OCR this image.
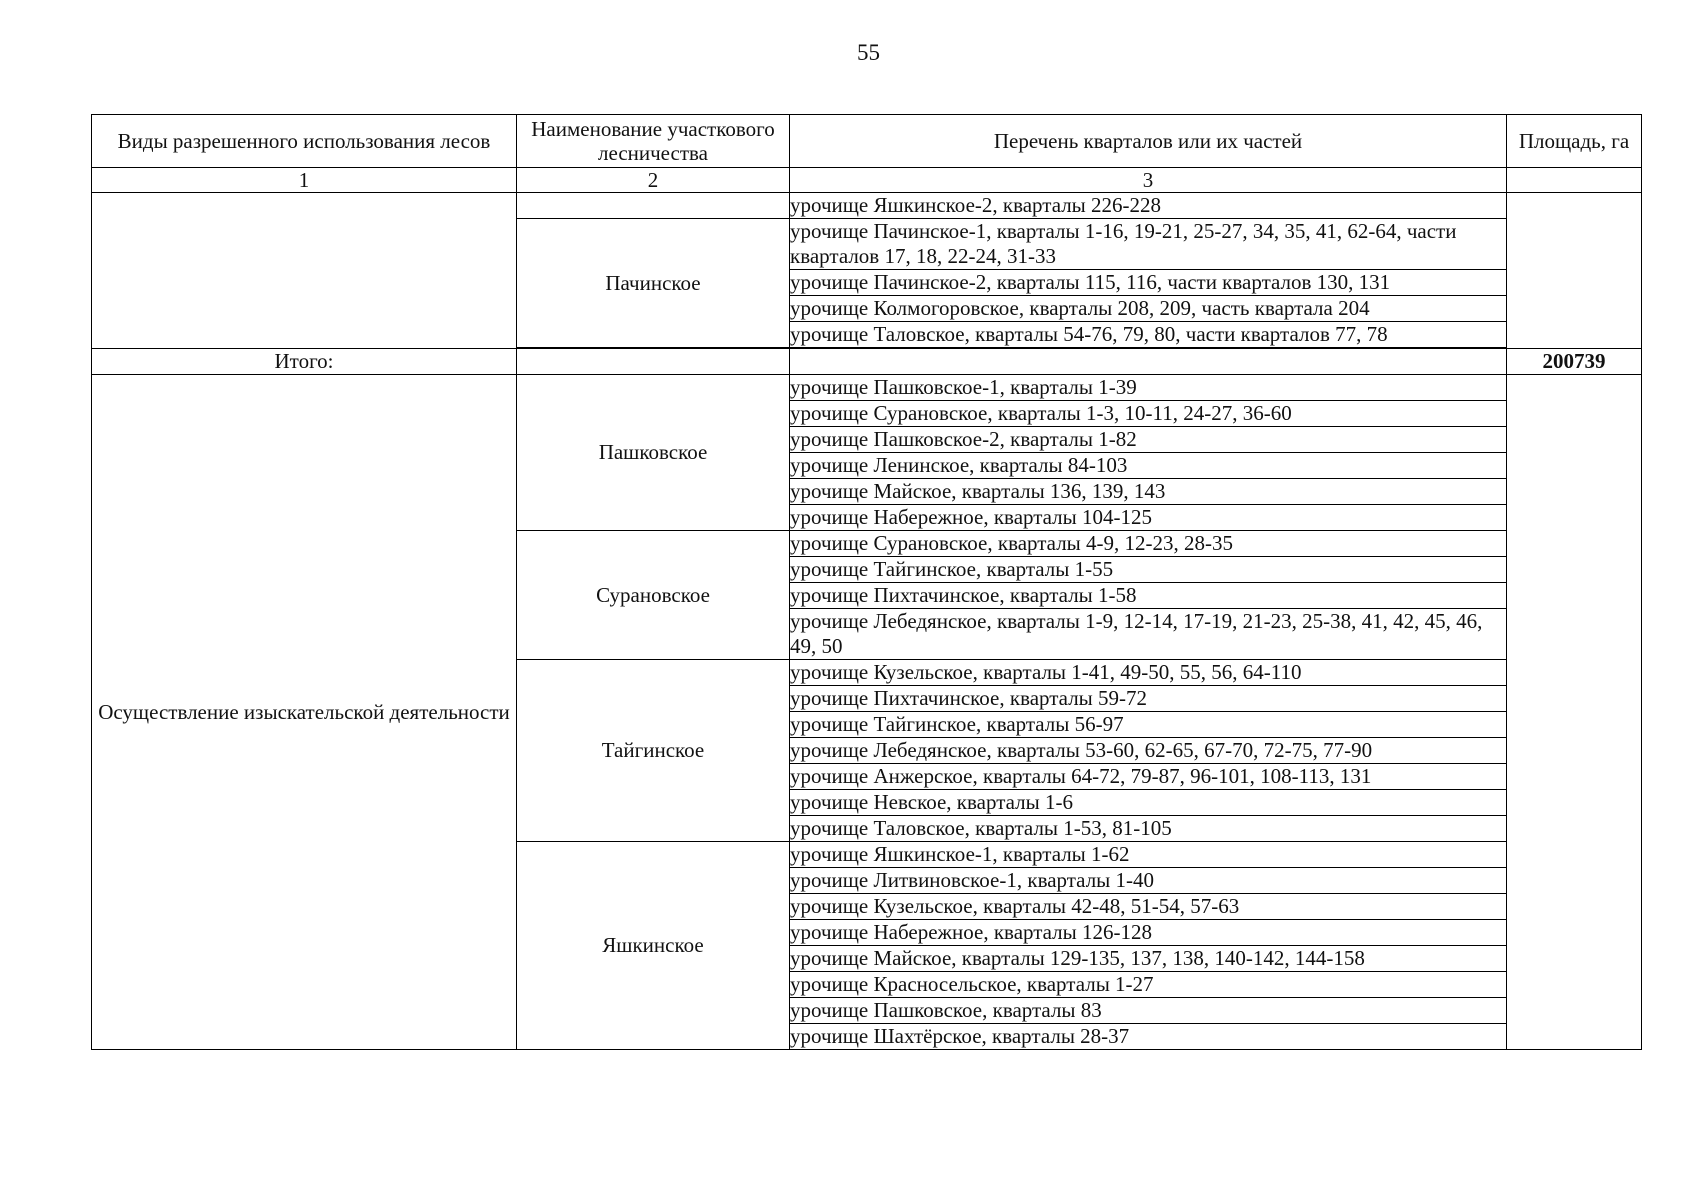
55
Виды разрешенного использования лесов	Наименование участкового лесничества	Перечень кварталов или их частей	Площадь, га
1	2	3	
		урочище Яшкинское-2, кварталы 226-228	
	Пачинское	урочище Пачинское-1, кварталы 1-16, 19-21, 25-27, 34, 35, 41, 62-64, части кварталов 17, 18, 22-24, 31-33	
		урочище Пачинское-2, кварталы 115, 116, части кварталов 130, 131	
		урочище Колмогоровское, кварталы 208, 209, часть квартала 204	
		урочище Таловское, кварталы 54-76, 79, 80, части кварталов 77, 78	

Итого:			200739
Осуществление изыскательской деятельности	Пашковское	урочище Пашковское-1, кварталы 1-39	
		урочище Сурановское, кварталы 1-3, 10-11, 24-27, 36-60	
		урочище Пашковское-2, кварталы 1-82	
		урочище Ленинское, кварталы 84-103	
		урочище Майское, кварталы 136, 139, 143	
		урочище Набережное, кварталы 104-125	
	Сурановское	урочище Сурановское, кварталы 4-9, 12-23, 28-35	
		урочище Тайгинское, кварталы 1-55	
		урочище Пихтачинское, кварталы 1-58	
		урочище Лебедянское, кварталы 1-9, 12-14, 17-19, 21-23, 25-38, 41, 42, 45, 46, 49, 50	
	Тайгинское	урочище Кузельское, кварталы 1-41, 49-50, 55, 56, 64-110	
		урочище Пихтачинское, кварталы 59-72	
		урочище Тайгинское, кварталы 56-97	
		урочище Лебедянское, кварталы 53-60, 62-65, 67-70, 72-75, 77-90	
		урочище Анжерское, кварталы 64-72, 79-87, 96-101, 108-113, 131	
		урочище Невское, кварталы 1-6	
		урочище Таловское, кварталы 1-53, 81-105	
	Яшкинское	урочище Яшкинское-1, кварталы 1-62	
		урочище Литвиновское-1, кварталы 1-40	
		урочище Кузельское, кварталы 42-48, 51-54, 57-63	
		урочище Набережное, кварталы 126-128	
		урочище Майское, кварталы 129-135, 137, 138, 140-142, 144-158	
		урочище Красносельское, кварталы 1-27	
		урочище Пашковское, кварталы 83	
		урочище Шахтёрское, кварталы 28-37	
